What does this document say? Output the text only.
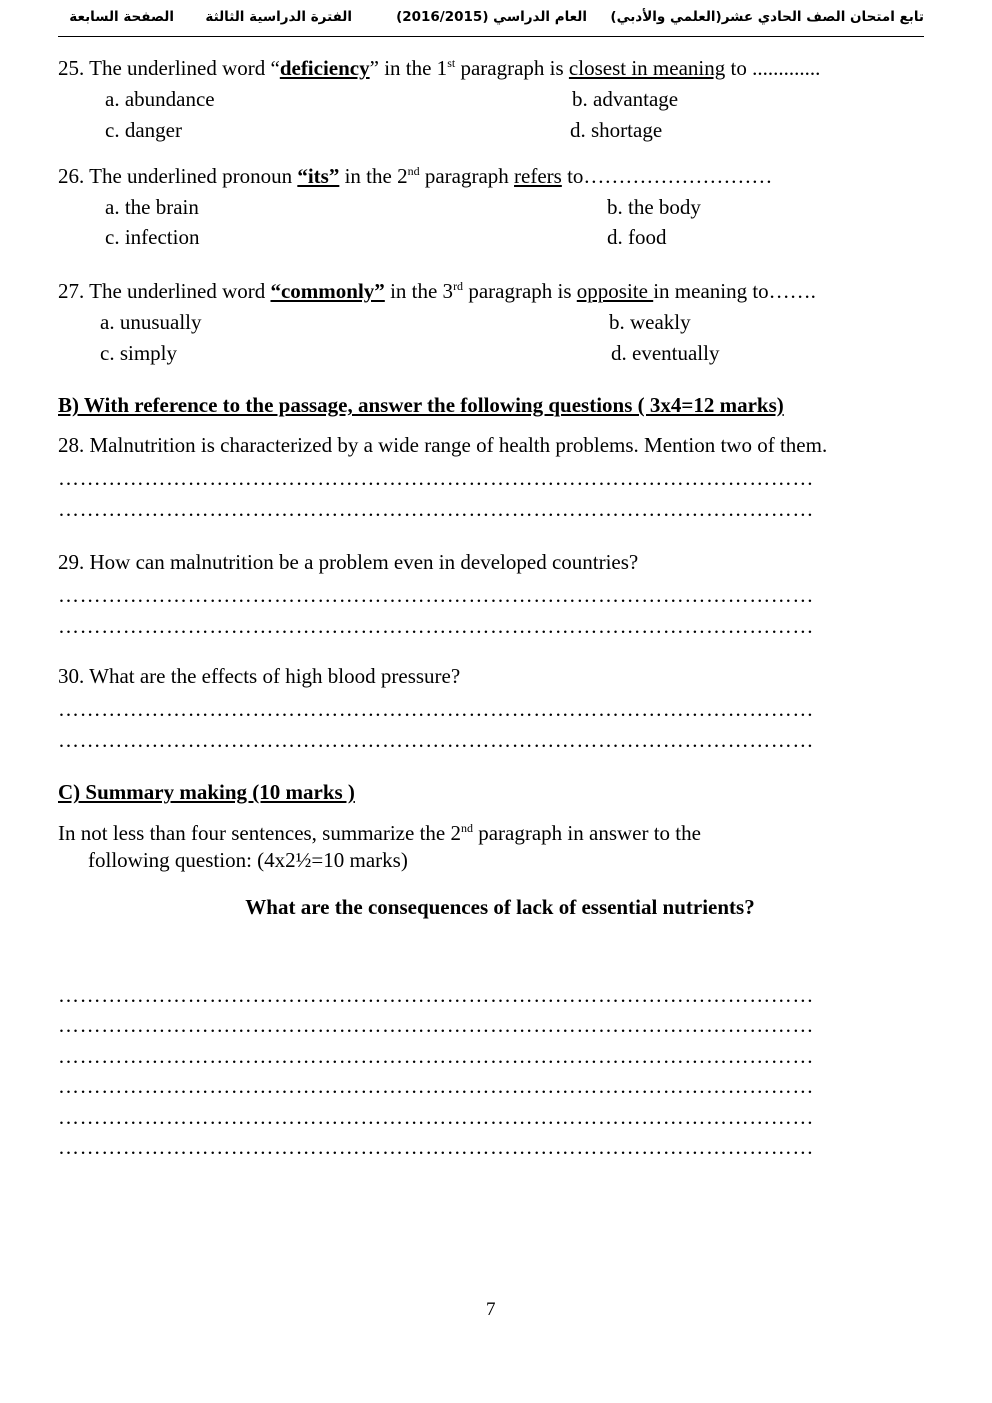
تابع امتحان الصف الحادي عشر(العلمي والأدبي)
العام الدراسي (2016/2015)
الفترة الدراسية الثالثة
الصفحة السابعة
25. The underlined word “deficiency” in the 1st paragraph is closest in meaning to .............
a. abundance	b. advantage
c. danger	d. shortage
26. The underlined pronoun “its” in the 2nd paragraph refers to………………………
a. the brain	b. the body
c. infection	d. food
27. The underlined word “commonly” in the 3rd paragraph is opposite in meaning to…….
a. unusually	b. weakly
c. simply	d. eventually
B) With reference to the passage, answer the following questions ( 3x4=12 marks)
28. Malnutrition is characterized by a wide range of health problems. Mention two of them.
……………………………………………………………………………………………
……………………………………………………………………………………………
29. How can malnutrition be a problem even in developed countries?
……………………………………………………………………………………………
……………………………………………………………………………………………
30. What are the effects of high blood pressure?
……………………………………………………………………………………………
……………………………………………………………………………………………
C) Summary making (10 marks )
In not less than four sentences, summarize the 2nd paragraph in answer to the
following question: (4x2½=10 marks)
What are the consequences of lack of essential nutrients?
……………………………………………………………………………………………
……………………………………………………………………………………………
……………………………………………………………………………………………
……………………………………………………………………………………………
……………………………………………………………………………………………
……………………………………………………………………………………………
7
